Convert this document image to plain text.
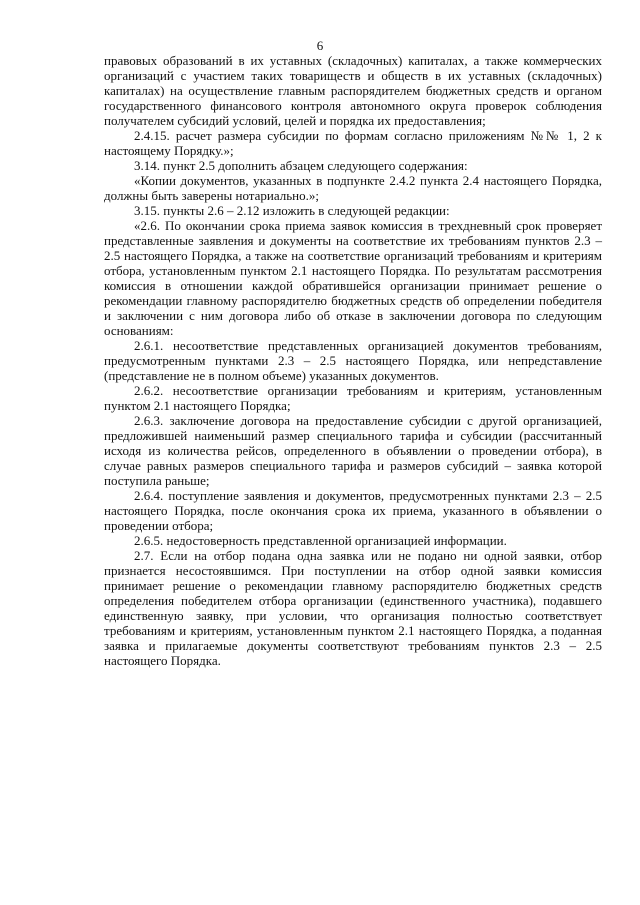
6

правовых образований в их уставных (складочных) капиталах, а также коммерческих организаций с участием таких товариществ и обществ в их уставных (складочных) капиталах) на осуществление главным распорядителем бюджетных средств и органом государственного финансового контроля автономного округа проверок соблюдения получателем субсидий условий, целей и порядка их предоставления;

2.4.15. расчет размера субсидии по формам согласно приложениям №№ 1, 2 к настоящему Порядку.»;

3.14. пункт 2.5 дополнить абзацем следующего содержания:

«Копии документов, указанных в подпункте 2.4.2 пункта 2.4 настоящего Порядка, должны быть заверены нотариально.»;

3.15. пункты 2.6 – 2.12 изложить в следующей редакции:

«2.6. По окончании срока приема заявок комиссия в трехдневный срок проверяет представленные заявления и документы на соответствие их требованиям пунктов 2.3 – 2.5 настоящего Порядка, а также на соответствие организаций требованиям и критериям отбора, установленным пунктом 2.1 настоящего Порядка. По результатам рассмотрения комиссия в отношении каждой обратившейся организации принимает решение о рекомендации главному распорядителю бюджетных средств об определении победителя и заключении с ним договора либо об отказе в заключении договора по следующим основаниям:

2.6.1. несоответствие представленных организацией документов требованиям, предусмотренным пунктами 2.3 – 2.5 настоящего Порядка, или непредставление (представление не в полном объеме) указанных документов.

2.6.2. несоответствие организации требованиям и критериям, установленным пунктом 2.1 настоящего Порядка;

2.6.3. заключение договора на предоставление субсидии с другой организацией, предложившей наименьший размер специального тарифа и субсидии (рассчитанный исходя из количества рейсов, определенного в объявлении о проведении отбора), в случае равных размеров специального тарифа и размеров субсидий – заявка которой поступила раньше;

2.6.4. поступление заявления и документов, предусмотренных пунктами 2.3 – 2.5 настоящего Порядка, после окончания срока их приема, указанного в объявлении о проведении отбора;

2.6.5. недостоверность представленной организацией информации.

2.7. Если на отбор подана одна заявка или не подано ни одной заявки, отбор признается несостоявшимся. При поступлении на отбор одной заявки комиссия принимает решение о рекомендации главному распорядителю бюджетных средств определения победителем отбора организации (единственного участника), подавшего единственную заявку, при условии, что организация полностью соответствует требованиям и критериям, установленным пунктом 2.1 настоящего Порядка, а поданная заявка и прилагаемые документы соответствуют требованиям пунктов 2.3 – 2.5 настоящего Порядка.
